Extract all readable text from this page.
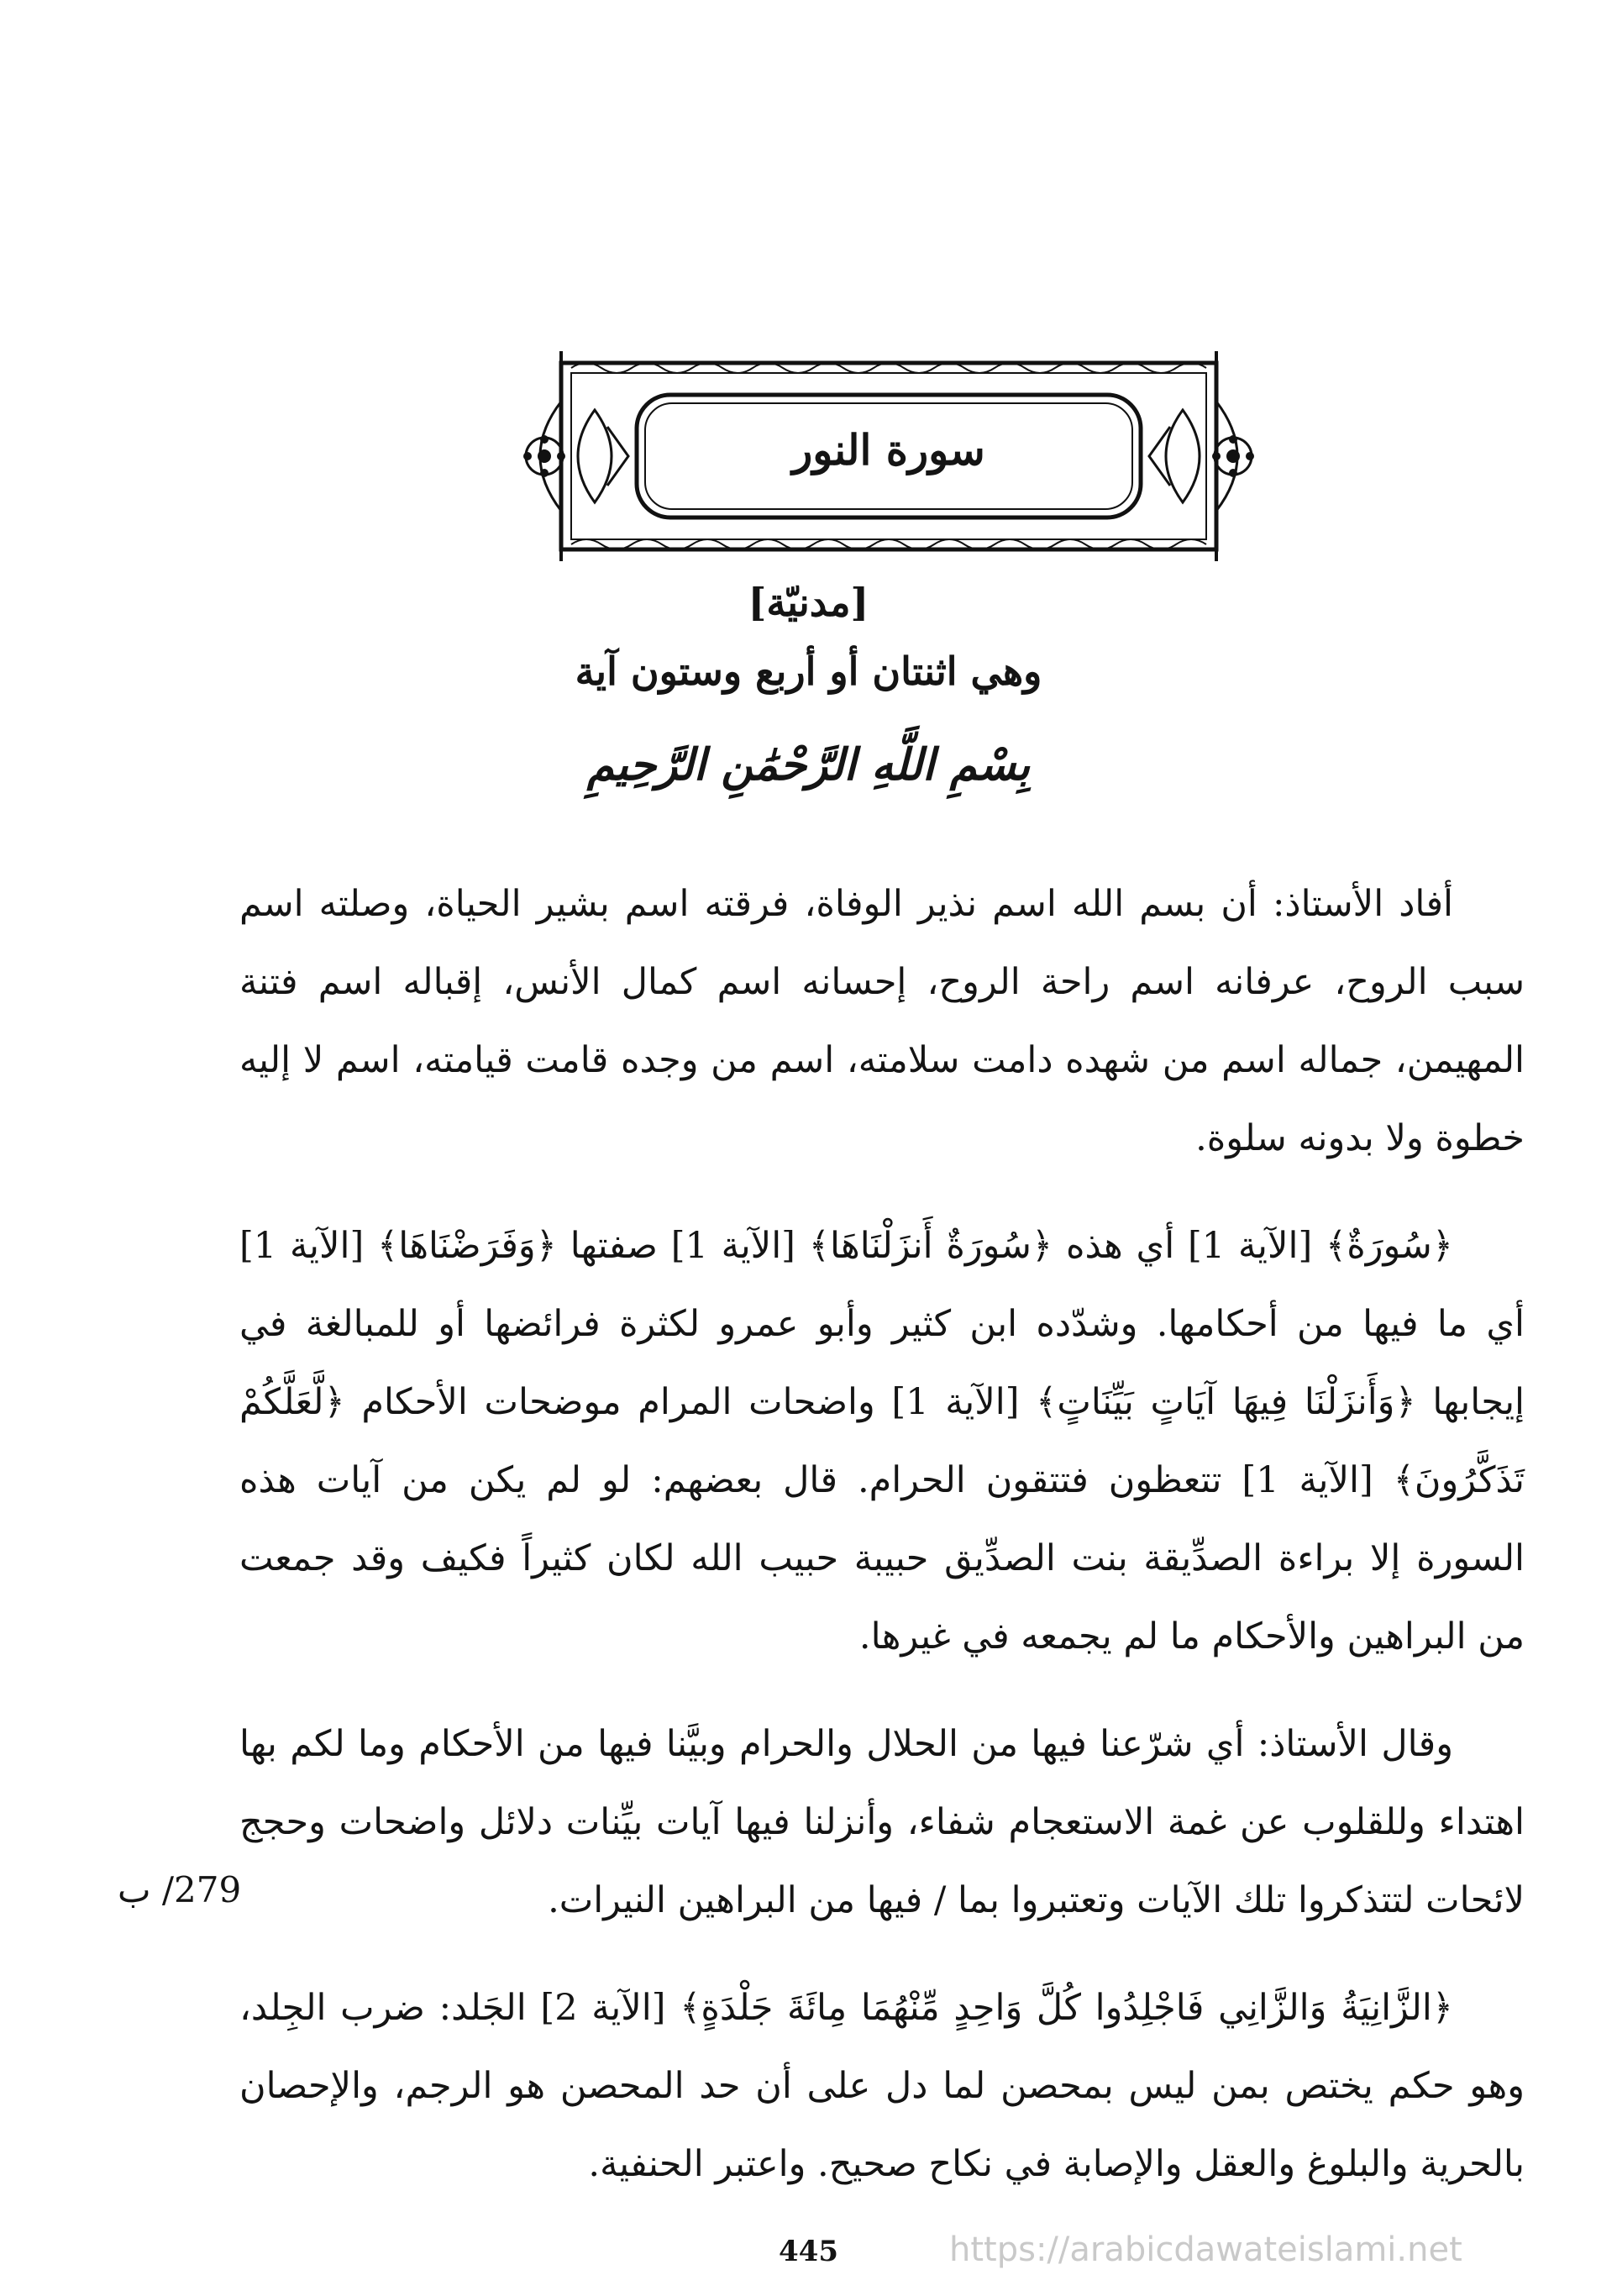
سورة النور
[مدنيّة]
وهي اثنتان أو أربع وستون آية
بِسْمِ اللَّهِ الرَّحْمَٰنِ الرَّحِيمِ

أفاد الأستاذ: أن بسم الله اسم نذير الوفاة، فرقته اسم بشير الحياة، وصلته اسم سبب الروح، عرفانه اسم راحة الروح، إحسانه اسم كمال الأنس، إقباله اسم فتنة المهيمن، جماله اسم من شهده دامت سلامته، اسم من وجده قامت قيامته، اسم لا إليه خطوة ولا بدونه سلوة.

﴿سُورَةٌ﴾ [الآية 1] أي هذه ﴿سُورَةٌ أَنزَلْنَاهَا﴾ [الآية 1] صفتها ﴿وَفَرَضْنَاهَا﴾ [الآية 1] أي ما فيها من أحكامها. وشدّده ابن كثير وأبو عمرو لكثرة فرائضها أو للمبالغة في إيجابها ﴿وَأَنزَلْنَا فِيهَا آيَاتٍ بَيِّنَاتٍ﴾ [الآية 1] واضحات المرام موضحات الأحكام ﴿لَّعَلَّكُمْ تَذَكَّرُونَ﴾ [الآية 1] تتعظون فتتقون الحرام. قال بعضهم: لو لم يكن من آيات هذه السورة إلا براءة الصدِّيقة بنت الصدِّيق حبيبة حبيب الله لكان كثيراً فكيف وقد جمعت من البراهين والأحكام ما لم يجمعه في غيرها.

وقال الأستاذ: أي شرّعنا فيها من الحلال والحرام وبيَّنا فيها من الأحكام وما لكم بها اهتداء وللقلوب عن غمة الاستعجام شفاء، وأنزلنا فيها آيات بيِّنات دلائل واضحات وحجج لائحات لتتذكروا تلك الآيات وتعتبروا بما / فيها من البراهين النيرات.

﴿الزَّانِيَةُ وَالزَّانِي فَاجْلِدُوا كُلَّ وَاحِدٍ مِّنْهُمَا مِائَةَ جَلْدَةٍ﴾ [الآية 2] الجَلد: ضرب الجِلد، وهو حكم يختص بمن ليس بمحصن لما دل على أن حد المحصن هو الرجم، والإحصان بالحرية والبلوغ والعقل والإصابة في نكاح صحيح. واعتبر الحنفية.

279/ ب
445	https://arabicdawateislami.net
